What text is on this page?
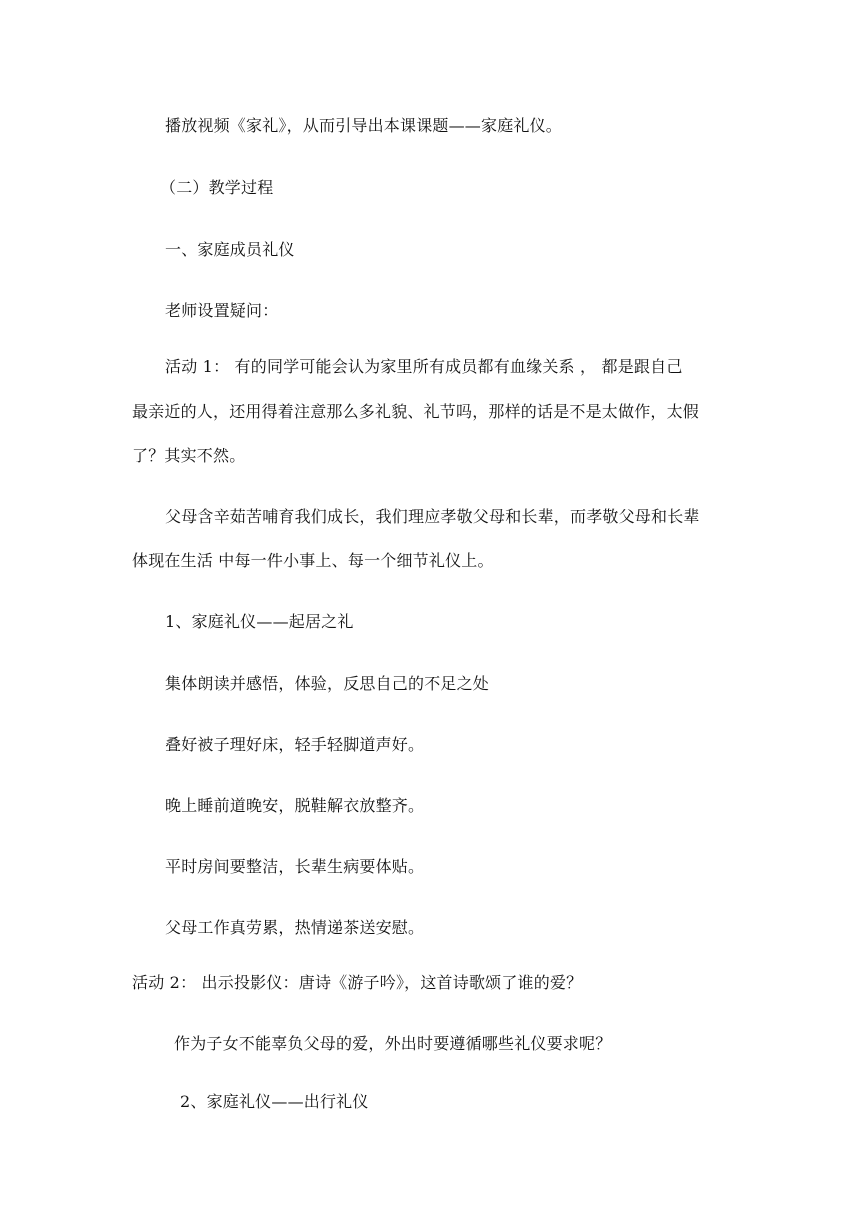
播放视频《家礼》，从而引导出本课课题——家庭礼仪。
（二）教学过程
一、家庭成员礼仪
老师设置疑问：
活动 1： 有的同学可能会认为家里所有成员都有血缘关系 ， 都是跟自己
最亲近的人，还用得着注意那么多礼貌、礼节吗，那样的话是不是太做作，太假
了？其实不然。
父母含辛茹苦哺育我们成长，我们理应孝敬父母和长辈，而孝敬父母和长辈
体现在生活 中每一件小事上、每一个细节礼仪上。
1、家庭礼仪——起居之礼
集体朗读并感悟，体验，反思自己的不足之处
叠好被子理好床，轻手轻脚道声好。
晚上睡前道晚安，脱鞋解衣放整齐。
平时房间要整洁，长辈生病要体贴。
父母工作真劳累，热情递茶送安慰。
活动 2： 出示投影仪：唐诗《游子吟》，这首诗歌颂了谁的爱？
作为子女不能辜负父母的爱，外出时要遵循哪些礼仪要求呢？
2、家庭礼仪——出行礼仪
